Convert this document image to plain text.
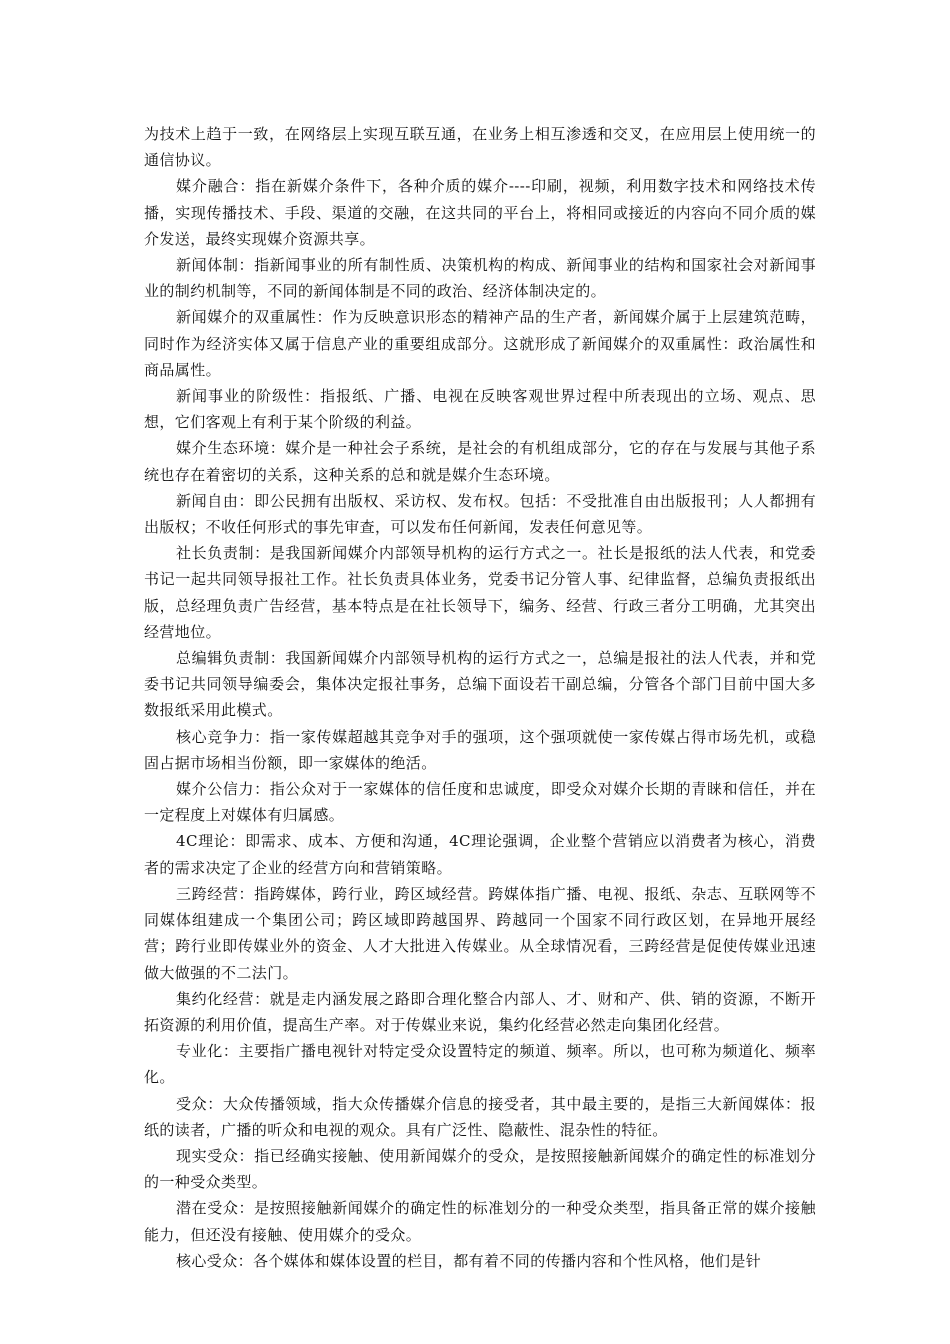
为技术上趋于一致，在网络层上实现互联互通，在业务上相互渗透和交叉，在应用层上使用统一的通信协议。

媒介融合：指在新媒介条件下，各种介质的媒介----印刷，视频，利用数字技术和网络技术传播，实现传播技术、手段、渠道的交融，在这共同的平台上，将相同或接近的内容向不同介质的媒介发送，最终实现媒介资源共享。

新闻体制：指新闻事业的所有制性质、决策机构的构成、新闻事业的结构和国家社会对新闻事业的制约机制等，不同的新闻体制是不同的政治、经济体制决定的。

新闻媒介的双重属性：作为反映意识形态的精神产品的生产者，新闻媒介属于上层建筑范畴，同时作为经济实体又属于信息产业的重要组成部分。这就形成了新闻媒介的双重属性：政治属性和商品属性。

新闻事业的阶级性：指报纸、广播、电视在反映客观世界过程中所表现出的立场、观点、思想，它们客观上有利于某个阶级的利益。

媒介生态环境：媒介是一种社会子系统，是社会的有机组成部分，它的存在与发展与其他子系统也存在着密切的关系，这种关系的总和就是媒介生态环境。

新闻自由：即公民拥有出版权、采访权、发布权。包括：不受批准自由出版报刊；人人都拥有出版权；不收任何形式的事先审查，可以发布任何新闻，发表任何意见等。

社长负责制：是我国新闻媒介内部领导机构的运行方式之一。社长是报纸的法人代表，和党委书记一起共同领导报社工作。社长负责具体业务，党委书记分管人事、纪律监督，总编负责报纸出版，总经理负责广告经营，基本特点是在社长领导下，编务、经营、行政三者分工明确，尤其突出经营地位。

总编辑负责制：我国新闻媒介内部领导机构的运行方式之一，总编是报社的法人代表，并和党委书记共同领导编委会，集体决定报社事务，总编下面设若干副总编，分管各个部门目前中国大多数报纸采用此模式。

核心竞争力：指一家传媒超越其竞争对手的强项，这个强项就使一家传媒占得市场先机，或稳固占据市场相当份额，即一家媒体的绝活。

媒介公信力：指公众对于一家媒体的信任度和忠诚度，即受众对媒介长期的青睐和信任，并在一定程度上对媒体有归属感。

4C理论：即需求、成本、方便和沟通，4C理论强调，企业整个营销应以消费者为核心，消费者的需求决定了企业的经营方向和营销策略。

三跨经营：指跨媒体，跨行业，跨区域经营。跨媒体指广播、电视、报纸、杂志、互联网等不同媒体组建成一个集团公司；跨区域即跨越国界、跨越同一个国家不同行政区划，在异地开展经营；跨行业即传媒业外的资金、人才大批进入传媒业。从全球情况看，三跨经营是促使传媒业迅速做大做强的不二法门。

集约化经营：就是走内涵发展之路即合理化整合内部人、才、财和产、供、销的资源，不断开拓资源的利用价值，提高生产率。对于传媒业来说，集约化经营必然走向集团化经营。

专业化：主要指广播电视针对特定受众设置特定的频道、频率。所以，也可称为频道化、频率化。

受众：大众传播领域，指大众传播媒介信息的接受者，其中最主要的，是指三大新闻媒体：报纸的读者，广播的听众和电视的观众。具有广泛性、隐蔽性、混杂性的特征。

现实受众：指已经确实接触、使用新闻媒介的受众，是按照接触新闻媒介的确定性的标准划分的一种受众类型。

潜在受众：是按照接触新闻媒介的确定性的标准划分的一种受众类型，指具备正常的媒介接触能力，但还没有接触、使用媒介的受众。

核心受众：各个媒体和媒体设置的栏目，都有着不同的传播内容和个性风格，他们是针
